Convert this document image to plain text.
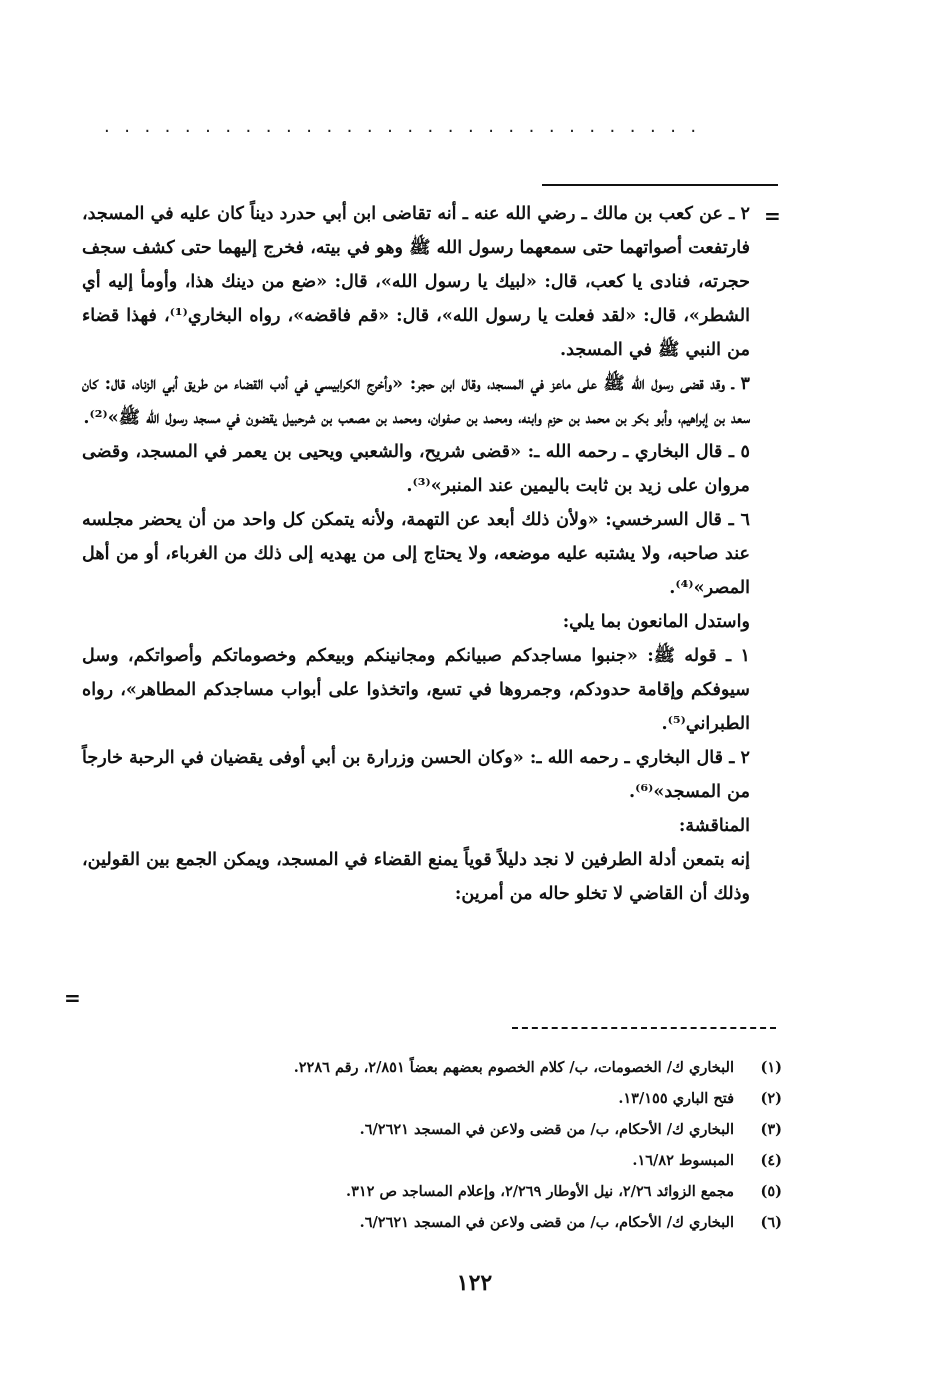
..............................
=

٢ ـ عن كعب بن مالك ـ رضي الله عنه ـ أنه تقاضى ابن أبي حدرد ديناً كان عليه في المسجد، فارتفعت أصواتهما حتى سمعهما رسول الله ﷺ وهو في بيته، فخرج إليهما حتى كشف سجف حجرته، فنادى يا كعب، قال: «لبيك يا رسول الله»، قال: «ضع من دينك هذا، وأومأ إليه أي الشطر»، قال: «لقد فعلت يا رسول الله»، قال: «قم فاقضه»، رواه البخاري⁽¹⁾، فهذا قضاء من النبي ﷺ في المسجد.

٣ ـ وقد قضى رسول الله ﷺ على ماعز في المسجد، وقال ابن حجر: «وأخرج الكرابيسي في أدب القضاء من طريق أبي الزناد، قال: كان سعد بن إبراهيم، وأبو بكر بن محمد بن حزم وابنه، ومحمد بن صفوان، ومحمد بن مصعب بن شرحبيل يقضون في مسجد رسول الله ﷺ»⁽²⁾.

٥ ـ قال البخاري ـ رحمه الله ـ: «قضى شريح، والشعبي ويحيى بن يعمر في المسجد، وقضى مروان على زيد بن ثابت باليمين عند المنبر»⁽³⁾.

٦ ـ قال السرخسي: «ولأن ذلك أبعد عن التهمة، ولأنه يتمكن كل واحد من أن يحضر مجلسه عند صاحبه، ولا يشتبه عليه موضعه، ولا يحتاج إلى من يهديه إلى ذلك من الغرباء، أو من أهل المصر»⁽⁴⁾.

واستدل المانعون بما يلي:

١ ـ قوله ﷺ: «جنبوا مساجدكم صبيانكم ومجانينكم وبيعكم وخصوماتكم وأصواتكم، وسل سيوفكم وإقامة حدودكم، وجمروها في تسع، واتخذوا على أبواب مساجدكم المطاهر»، رواه الطبراني⁽⁵⁾.

٢ ـ قال البخاري ـ رحمه الله ـ: «وكان الحسن وزرارة بن أبي أوفى يقضيان في الرحبة خارجاً من المسجد»⁽⁶⁾.

المناقشة:

إنه بتمعن أدلة الطرفين لا نجد دليلاً قوياً يمنع القضاء في المسجد، ويمكن الجمع بين القولين، وذلك أن القاضي لا تخلو حاله من أمرين:

=
(١)
البخاري ك/ الخصومات، ب/ كلام الخصوم بعضهم بعضاً ٢/٨٥١، رقم ٢٢٨٦.
(٢)
فتح الباري ١٣/١٥٥.
(٣)
البخاري ك/ الأحكام، ب/ من قضى ولاعن في المسجد ٦/٢٦٢١.
(٤)
المبسوط ١٦/٨٢.
(٥)
مجمع الزوائد ٢/٢٦، نيل الأوطار ٢/٢٦٩، وإعلام المساجد ص ٣١٢.
(٦)
البخاري ك/ الأحكام، ب/ من قضى ولاعن في المسجد ٦/٢٦٢١.
١٢٢
